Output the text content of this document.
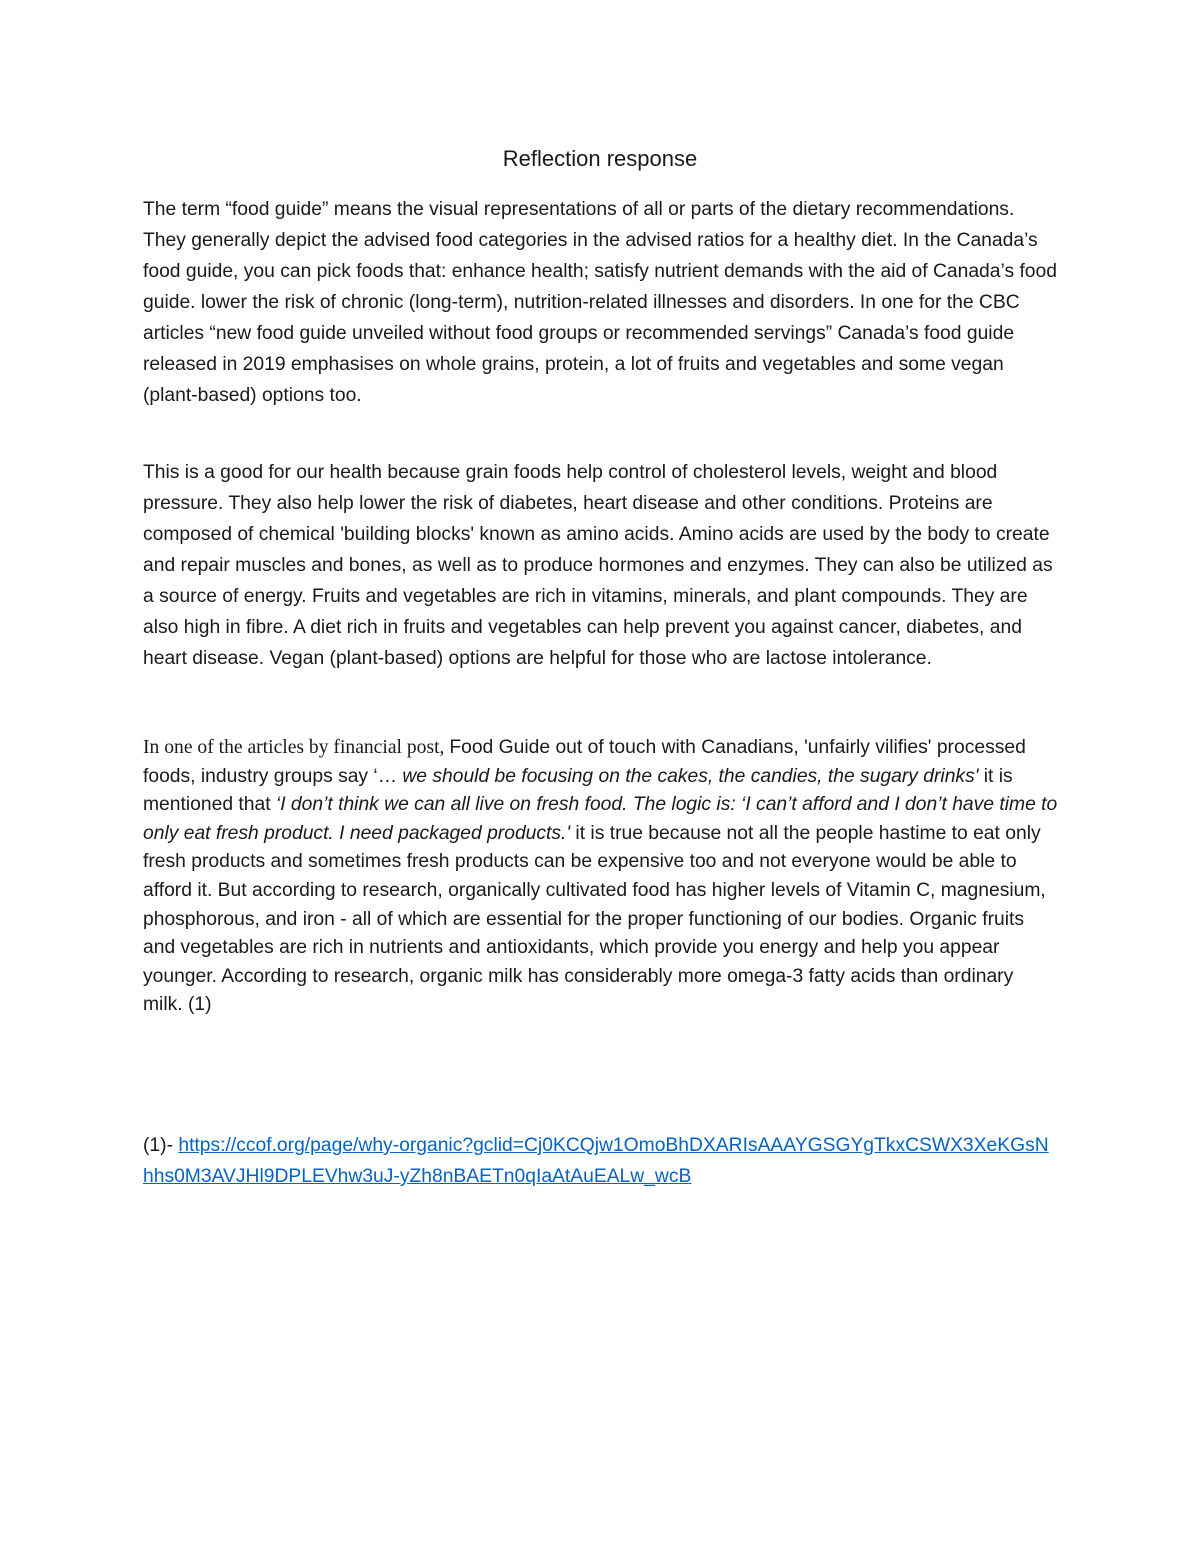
Reflection response

The term “food guide” means the visual representations of all or parts of the dietary recommendations. They generally depict the advised food categories in the advised ratios for a healthy diet. In the Canada’s food guide, you can pick foods that: enhance health; satisfy nutrient demands with the aid of Canada’s food guide. lower the risk of chronic (long-term), nutrition-related illnesses and disorders. In one for the CBC articles “new food guide unveiled without food groups or recommended servings” Canada’s food guide released in 2019 emphasises on whole grains, protein, a lot of fruits and vegetables and some vegan (plant-based) options too.

This is a good for our health because grain foods help control of cholesterol levels, weight and blood pressure. They also help lower the risk of diabetes, heart disease and other conditions. Proteins are composed of chemical 'building blocks' known as amino acids. Amino acids are used by the body to create and repair muscles and bones, as well as to produce hormones and enzymes. They can also be utilized as a source of energy. Fruits and vegetables are rich in vitamins, minerals, and plant compounds. They are also high in fibre. A diet rich in fruits and vegetables can help prevent you against cancer, diabetes, and heart disease. Vegan (plant-based) options are helpful for those who are lactose intolerance.

In one of the articles by financial post, Food Guide out of touch with Canadians, 'unfairly vilifies' processed foods, industry groups say ‘… we should be focusing on the cakes, the candies, the sugary drinks' it is mentioned that ‘I don’t think we can all live on fresh food. The logic is: ‘I can’t afford and I don’t have time to only eat fresh product. I need packaged products.' it is true because not all the people hastime to eat only fresh products and sometimes fresh products can be expensive too and not everyone would be able to afford it. But according to research, organically cultivated food has higher levels of Vitamin C, magnesium, phosphorous, and iron - all of which are essential for the proper functioning of our bodies. Organic fruits and vegetables are rich in nutrients and antioxidants, which provide you energy and help you appear younger. According to research, organic milk has considerably more omega-3 fatty acids than ordinary milk. (1)

(1)- https://ccof.org/page/why-organic?gclid=Cj0KCQjw1OmoBhDXARIsAAAYGSGYgTkxCSWX3XeKGsNhhs0M3AVJHl9DPLEVhw3uJ-yZh8nBAETn0qIaAtAuEALw_wcB
